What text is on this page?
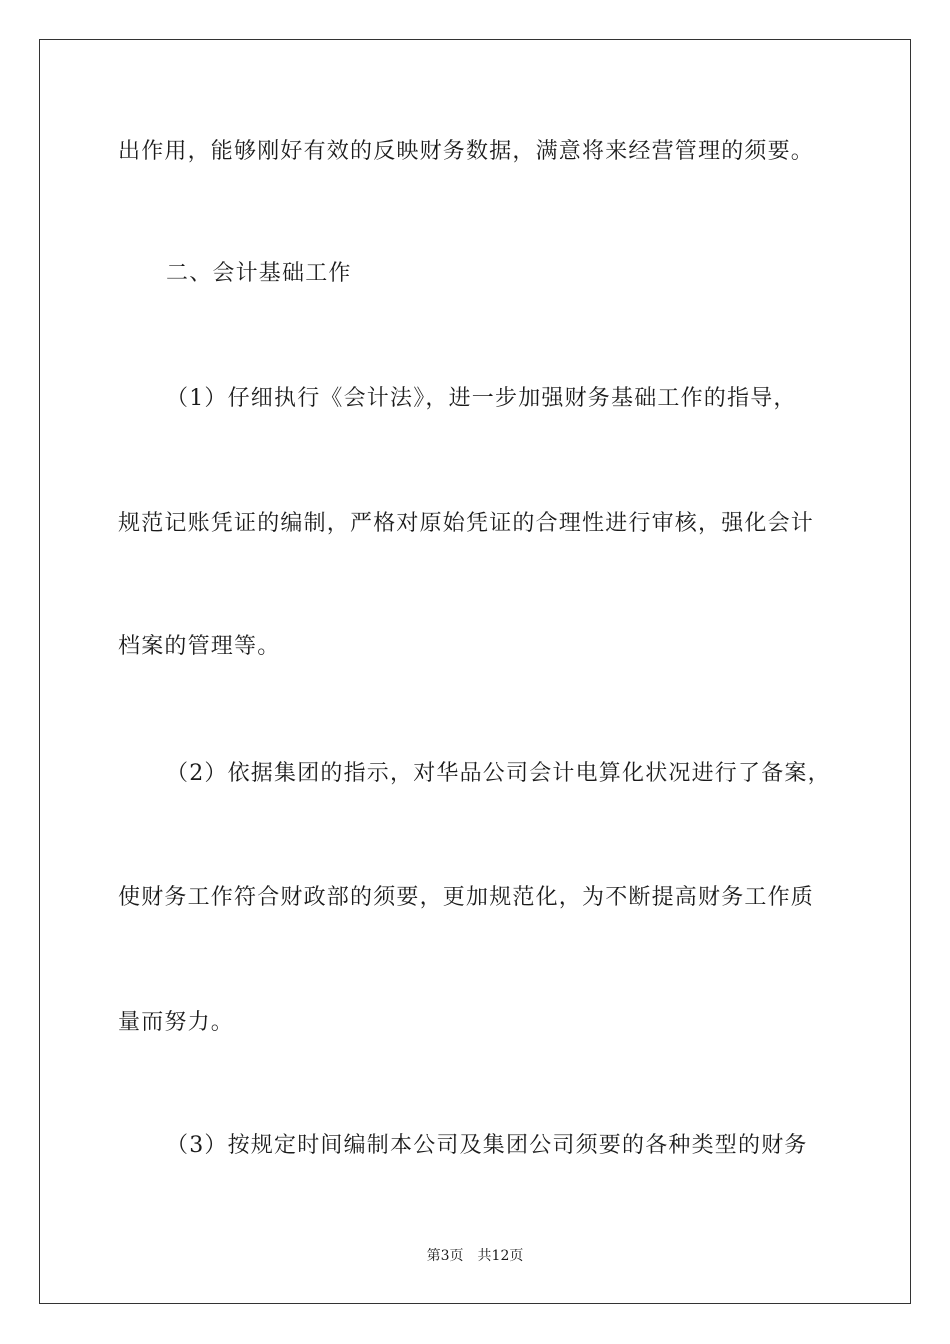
出作用，能够刚好有效的反映财务数据，满意将来经营管理的须要。
二、会计基础工作
（1）仔细执行《会计法》，进一步加强财务基础工作的指导，
规范记账凭证的编制，严格对原始凭证的合理性进行审核，强化会计
档案的管理等。
（2）依据集团的指示，对华品公司会计电算化状况进行了备案，
使财务工作符合财政部的须要，更加规范化，为不断提高财务工作质
量而努力。
（3）按规定时间编制本公司及集团公司须要的各种类型的财务
第3页 共12页
